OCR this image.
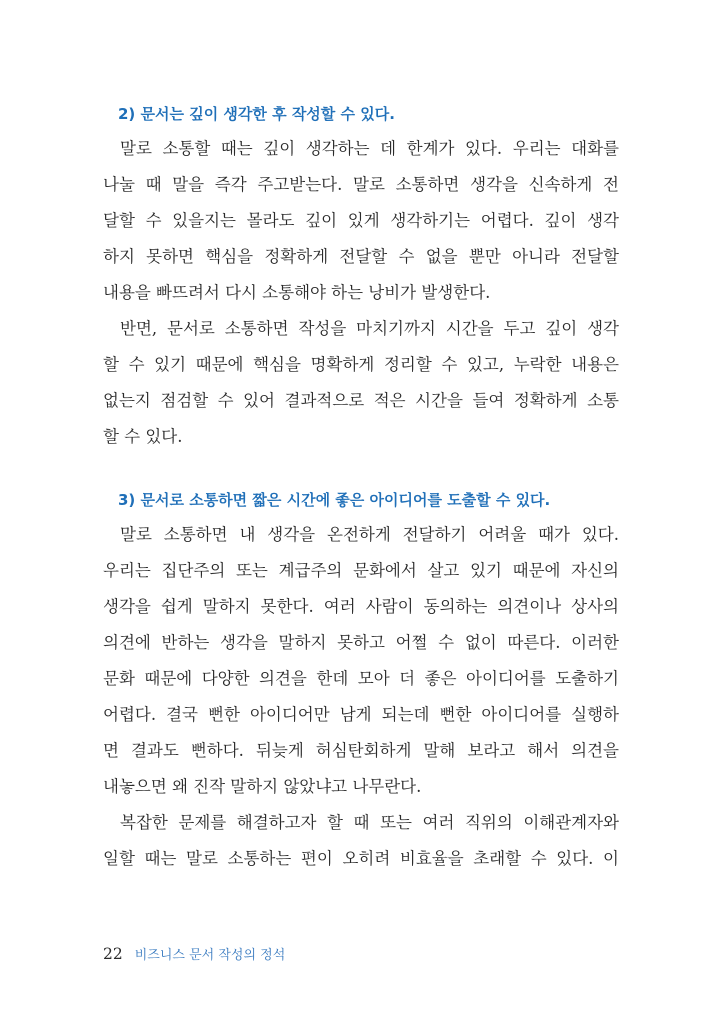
2) 문서는 깊이 생각한 후 작성할 수 있다.
말로 소통할 때는 깊이 생각하는 데 한계가 있다. 우리는 대화를
나눌 때 말을 즉각 주고받는다. 말로 소통하면 생각을 신속하게 전
달할 수 있을지는 몰라도 깊이 있게 생각하기는 어렵다. 깊이 생각
하지 못하면 핵심을 정확하게 전달할 수 없을 뿐만 아니라 전달할
내용을 빠뜨려서 다시 소통해야 하는 낭비가 발생한다.
반면, 문서로 소통하면 작성을 마치기까지 시간을 두고 깊이 생각
할 수 있기 때문에 핵심을 명확하게 정리할 수 있고, 누락한 내용은
없는지 점검할 수 있어 결과적으로 적은 시간을 들여 정확하게 소통
할 수 있다.
3) 문서로 소통하면 짧은 시간에 좋은 아이디어를 도출할 수 있다.
말로 소통하면 내 생각을 온전하게 전달하기 어려울 때가 있다.
우리는 집단주의 또는 계급주의 문화에서 살고 있기 때문에 자신의
생각을 쉽게 말하지 못한다. 여러 사람이 동의하는 의견이나 상사의
의견에 반하는 생각을 말하지 못하고 어쩔 수 없이 따른다. 이러한
문화 때문에 다양한 의견을 한데 모아 더 좋은 아이디어를 도출하기
어렵다. 결국 뻔한 아이디어만 남게 되는데 뻔한 아이디어를 실행하
면 결과도 뻔하다. 뒤늦게 허심탄회하게 말해 보라고 해서 의견을
내놓으면 왜 진작 말하지 않았냐고 나무란다.
복잡한 문제를 해결하고자 할 때 또는 여러 직위의 이해관계자와
일할 때는 말로 소통하는 편이 오히려 비효율을 초래할 수 있다. 이
22 비즈니스 문서 작성의 정석
